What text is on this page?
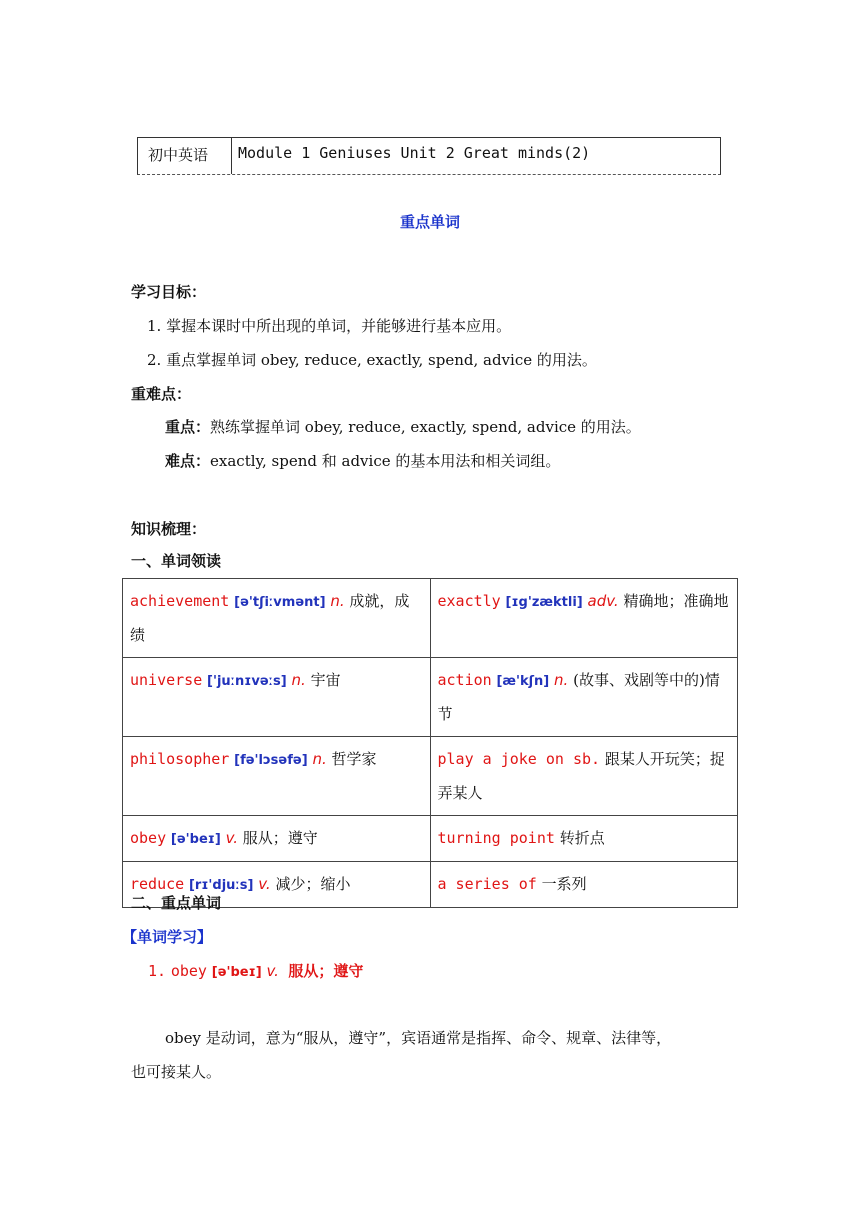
初中英语	Module 1 Geniuses Unit 2 Great minds(2)
重点单词
学习目标：
1. 掌握本课时中所出现的单词，并能够进行基本应用。
2. 重点掌握单词 obey, reduce, exactly, spend, advice 的用法。
重难点：
重点：熟练掌握单词 obey, reduce, exactly, spend, advice 的用法。
难点：exactly, spend 和 advice 的基本用法和相关词组。
知识梳理：
一、单词领读
achievement [ə'tʃiːvmənt] n. 成就，成绩	exactly [ɪg'zæktli] adv. 精确地；准确地
universe ['juːnɪvəːs] n. 宇宙	action [æ'kʃn] n. (故事、戏剧等中的)情节
philosopher [fə'lɔsəfə] n. 哲学家	play a joke on sb. 跟某人开玩笑；捉弄某人
obey [ə'beɪ] v. 服从；遵守	turning point 转折点
reduce [rɪ'djuːs] v. 减少；缩小	a series of 一系列
二、重点单词
【单词学习】
1. obey [ə'beɪ] v. 服从；遵守
obey 是动词，意为“服从，遵守”，宾语通常是指挥、命令、规章、法律等，
也可接某人。
